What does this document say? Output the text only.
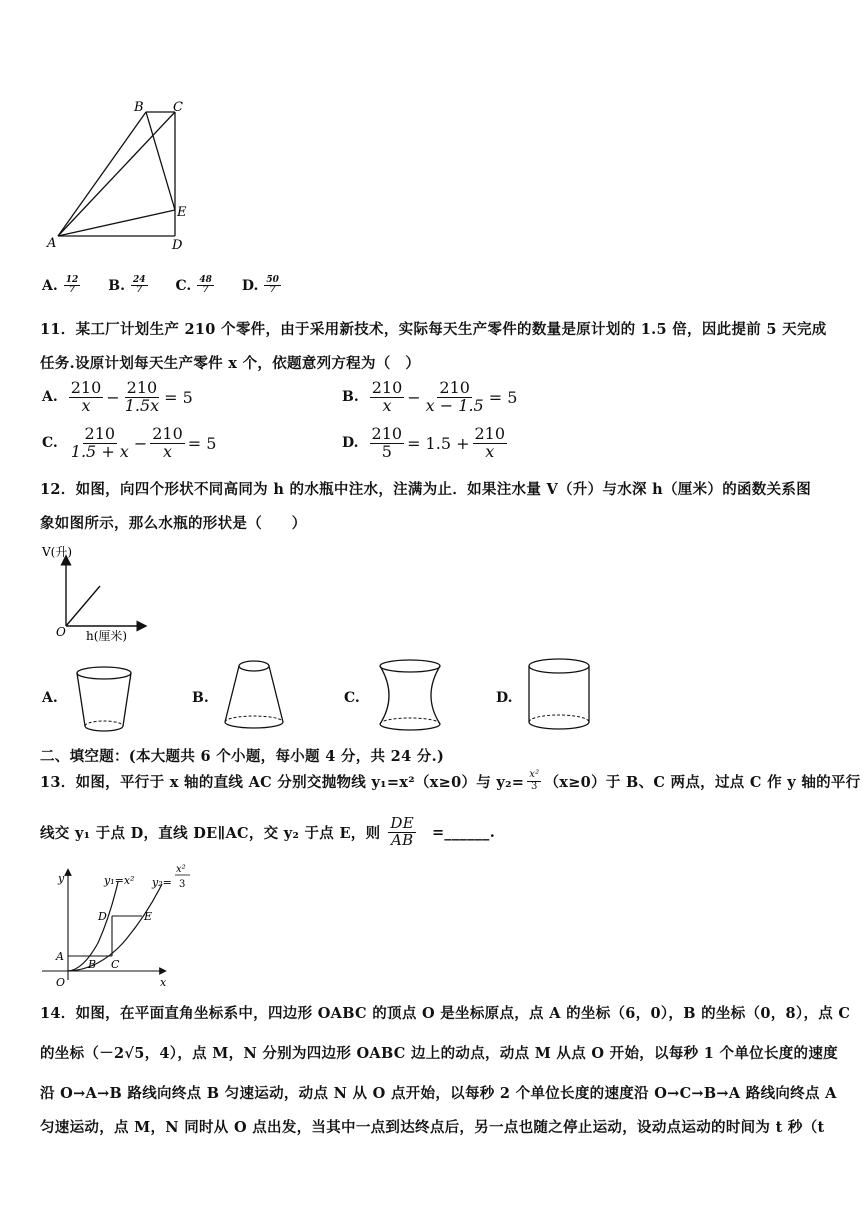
B C
E
A	D
A. $\frac{12}{7} B$. $\frac{24}{7} C$. $\frac{48}{7} D$. $\frac{50}{7}$
11．某工厂计划生产 210 个零件，由于采用新技术，实际每天生产零件的数量是原计划的 1.5 倍，因此提前 5 天完成
任务.设原计划每天生产零件 x 个，依题意列方程为（　）
A. $\frac{210}{x} - \frac{210}{1.5x} = 5$	B. $\frac{210}{x} - \frac{210}{x - 1.5} = 5$
C. $\frac{210}{1.5 + x} - \frac{210}{x} = 5$	D. $\frac{210}{5} = 1.5 + \frac{210}{x}$
12．如图，向四个形状不同高同为 h 的水瓶中注水，注满为止．如果注水量 V（升）与水深 h（厘米）的函数关系图
象如图所示，那么水瓶的形状是（　　）
V(升)
h(厘米)
O
A.	B.	C.	D.
二、填空题：(本大题共 6 个小题，每小题 4 分，共 24 分.)
13．如图，平行于 x 轴的直线 AC 分别交抛物线 y₁=x²（x≥0）与 $y_2= \frac{\text{x²}}{3} (x\ge 0)$于 B、C 两点，过点 C 作 y 轴的平行
线交 y₁ 于点 D，直线 DE∥AC，交 y₂ 于点 E，则 $\frac{DE}{AB}$ =______.
y
x
O
y₁=x² y₂=
x²
3
A
B C
D	E
14．如图，在平面直角坐标系中，四边形 OABC 的顶点 O 是坐标原点，点 A 的坐标（6，0），B 的坐标（0，8），点 C
的坐标（－2√5，4），点 M，N 分别为四边形 OABC 边上的动点，动点 M 从点 O 开始，以每秒 1 个单位长度的速度
沿 O→A→B 路线向终点 B 匀速运动，动点 N 从 O 点开始，以每秒 2 个单位长度的速度沿 O→C→B→A 路线向终点 A
匀速运动，点 M，N 同时从 O 点出发，当其中一点到达终点后，另一点也随之停止运动，设动点运动的时间为 t 秒（t
